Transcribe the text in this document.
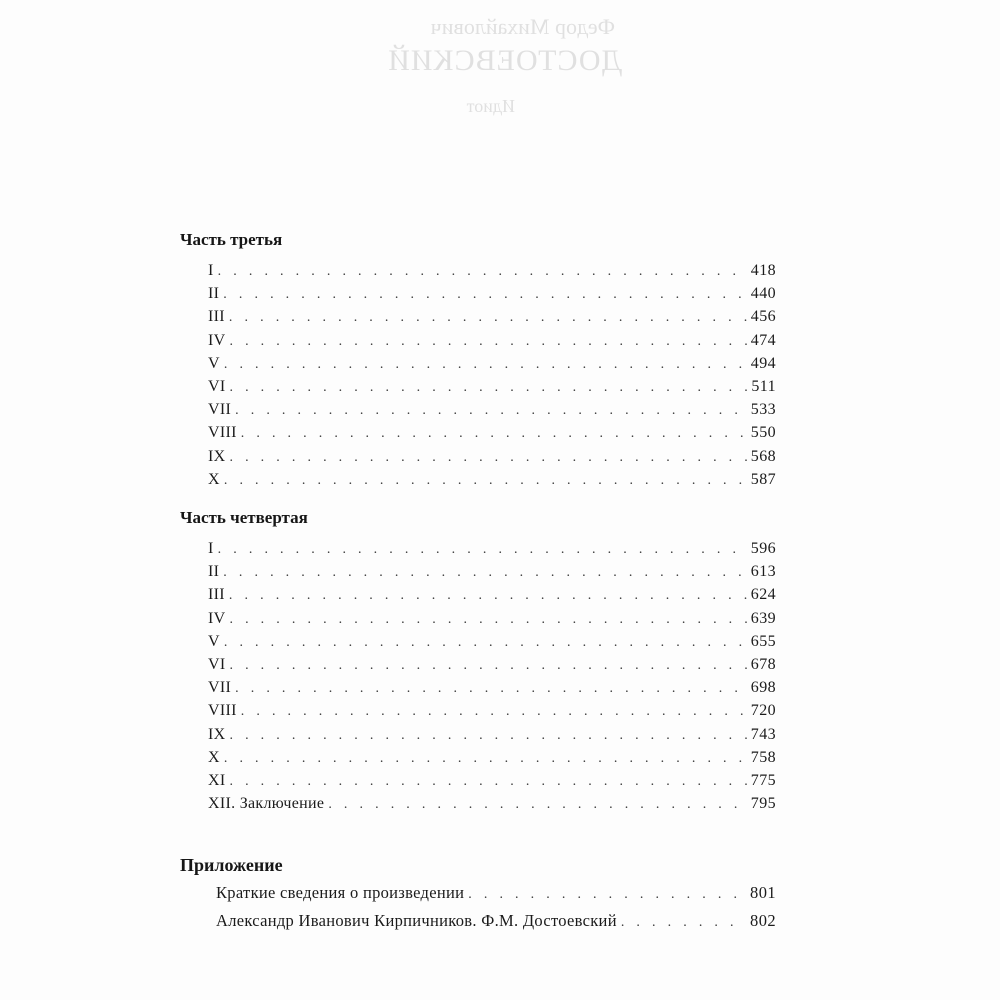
Федор Михайлович
ДОСТОЕВСКИЙ
Идиот
Часть третья
I . . .	418
II . . .	440
III . . .	456
IV . . .	474
V . . .	494
VI . . .	511
VII . . .	533
VIII . . .	550
IX . . .	568
X . . .	587
Часть четвертая
I . . .	596
II . . .	613
III . . .	624
IV . . .	639
V . . .	655
VI . . .	678
VII . . .	698
VIII . . .	720
IX . . .	743
X . . .	758
XI . . .	775
XII. Заключение . . .	795
Приложение
Краткие сведения о произведении . . .	801
Александр Иванович Кирпичников. Ф.М. Достоевский . . .	802
